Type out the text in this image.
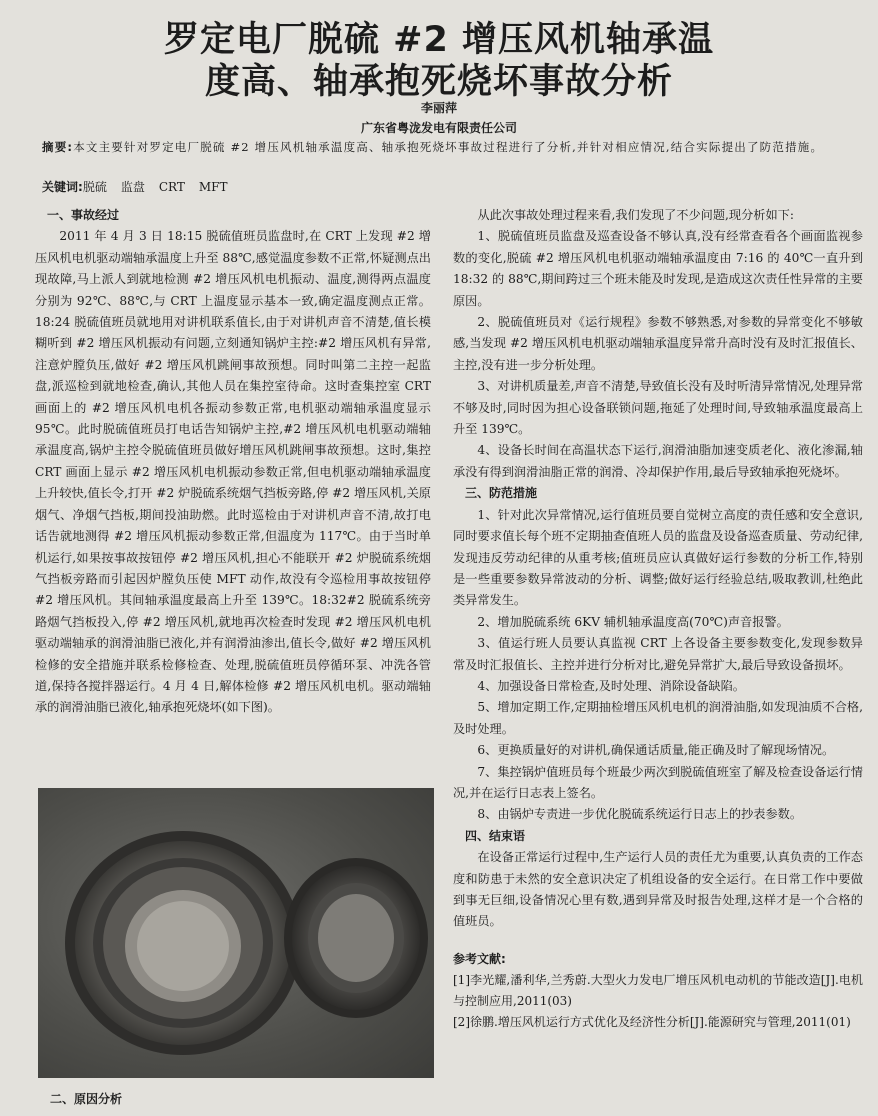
罗定电厂脱硫 #2 增压风机轴承温
度高、轴承抱死烧坏事故分析
李丽萍
广东省粤泷发电有限责任公司
摘要:本文主要针对罗定电厂脱硫 #2 增压风机轴承温度高、轴承抱死烧坏事故过程进行了分析,并针对相应情况,结合实际提出了防范措施。
关键词:脱硫 监盘 CRT MFT
一、事故经过

2011 年 4 月 3 日 18:15 脱硫值班员监盘时,在 CRT 上发现 #2 增压风机电机驱动端轴承温度上升至 88℃,感觉温度参数不正常,怀疑测点出现故障,马上派人到就地检测 #2 增压风机电机振动、温度,测得两点温度分别为 92℃、88℃,与 CRT 上温度显示基本一致,确定温度测点正常。18:24 脱硫值班员就地用对讲机联系值长,由于对讲机声音不清楚,值长模糊听到 #2 增压风机振动有问题,立刻通知锅炉主控:#2 增压风机有异常,注意炉膛负压,做好 #2 增压风机跳闸事故预想。同时叫第二主控一起监盘,派巡检到就地检查,确认,其他人员在集控室待命。这时查集控室 CRT 画面上的 #2 增压风机电机各振动参数正常,电机驱动端轴承温度显示 95℃。此时脱硫值班员打电话告知锅炉主控,#2 增压风机电机驱动端轴承温度高,锅炉主控令脱硫值班员做好增压风机跳闸事故预想。这时,集控 CRT 画面上显示 #2 增压风机电机振动参数正常,但电机驱动端轴承温度上升较快,值长令,打开 #2 炉脱硫系统烟气挡板旁路,停 #2 增压风机,关原烟气、净烟气挡板,期间投油助燃。此时巡检由于对讲机声音不清,故打电话告就地测得 #2 增压风机振动参数正常,但温度为 117℃。由于当时单机运行,如果按事故按钮停 #2 增压风机,担心不能联开 #2 炉脱硫系统烟气挡板旁路而引起因炉膛负压使 MFT 动作,故没有令巡检用事故按钮停 #2 增压风机。其间轴承温度最高上升至 139℃。18:32#2 脱硫系统旁路烟气挡板投入,停 #2 增压风机,就地再次检查时发现 #2 增压风机电机驱动端轴承的润滑油脂已液化,并有润滑油渗出,值长令,做好 #2 增压风机检修的安全措施并联系检修检查、处理,脱硫值班员停循环泵、冲洗各管道,保持各搅拌器运行。4 月 4 日,解体检修 #2 增压风机电机。驱动端轴承的润滑油脂已液化,轴承抱死烧坏(如下图)。

二、原因分析

从此次事故处理过程来看,我们发现了不少问题,现分析如下:

1、脱硫值班员监盘及巡查设备不够认真,没有经常查看各个画面监视参数的变化,脱硫 #2 增压风机电机驱动端轴承温度由 7:16 的 40℃一直升到 18:32 的 88℃,期间跨过三个班未能及时发现,是造成这次责任性异常的主要原因。

2、脱硫值班员对《运行规程》参数不够熟悉,对参数的异常变化不够敏感,当发现 #2 增压风机电机驱动端轴承温度异常升高时没有及时汇报值长、主控,没有进一步分析处理。

3、对讲机质量差,声音不清楚,导致值长没有及时听清异常情况,处理异常不够及时,同时因为担心设备联锁问题,拖延了处理时间,导致轴承温度最高上升至 139℃。

4、设备长时间在高温状态下运行,润滑油脂加速变质老化、液化渗漏,轴承没有得到润滑油脂正常的润滑、冷却保护作用,最后导致轴承抱死烧坏。

三、防范措施

1、针对此次异常情况,运行值班员要自觉树立高度的责任感和安全意识,同时要求值长每个班不定期抽查值班人员的监盘及设备巡查质量、劳动纪律,发现违反劳动纪律的从重考核;值班员应认真做好运行参数的分析工作,特别是一些重要参数异常波动的分析、调整;做好运行经验总结,吸取教训,杜绝此类异常发生。

2、增加脱硫系统 6KV 辅机轴承温度高(70℃)声音报警。

3、值运行班人员要认真监视 CRT 上各设备主要参数变化,发现参数异常及时汇报值长、主控并进行分析对比,避免异常扩大,最后导致设备损坏。

4、加强设备日常检查,及时处理、消除设备缺陷。

5、增加定期工作,定期抽检增压风机电机的润滑油脂,如发现油质不合格,及时处理。

6、更换质量好的对讲机,确保通话质量,能正确及时了解现场情况。

7、集控锅炉值班员每个班最少两次到脱硫值班室了解及检查设备运行情况,并在运行日志表上签名。

8、由锅炉专责进一步优化脱硫系统运行日志上的抄表参数。

四、结束语

在设备正常运行过程中,生产运行人员的责任尤为重要,认真负责的工作态度和防患于未然的安全意识决定了机组设备的安全运行。在日常工作中要做到事无巨细,设备情况心里有数,遇到异常及时报告处理,这样才是一个合格的值班员。

参考文献:

[1]李光耀,潘利华,兰秀蔚.大型火力发电厂增压风机电动机的节能改造[J].电机与控制应用,2011(03)

[2]徐鹏.增压风机运行方式优化及经济性分析[J].能源研究与管理,2011(01)
